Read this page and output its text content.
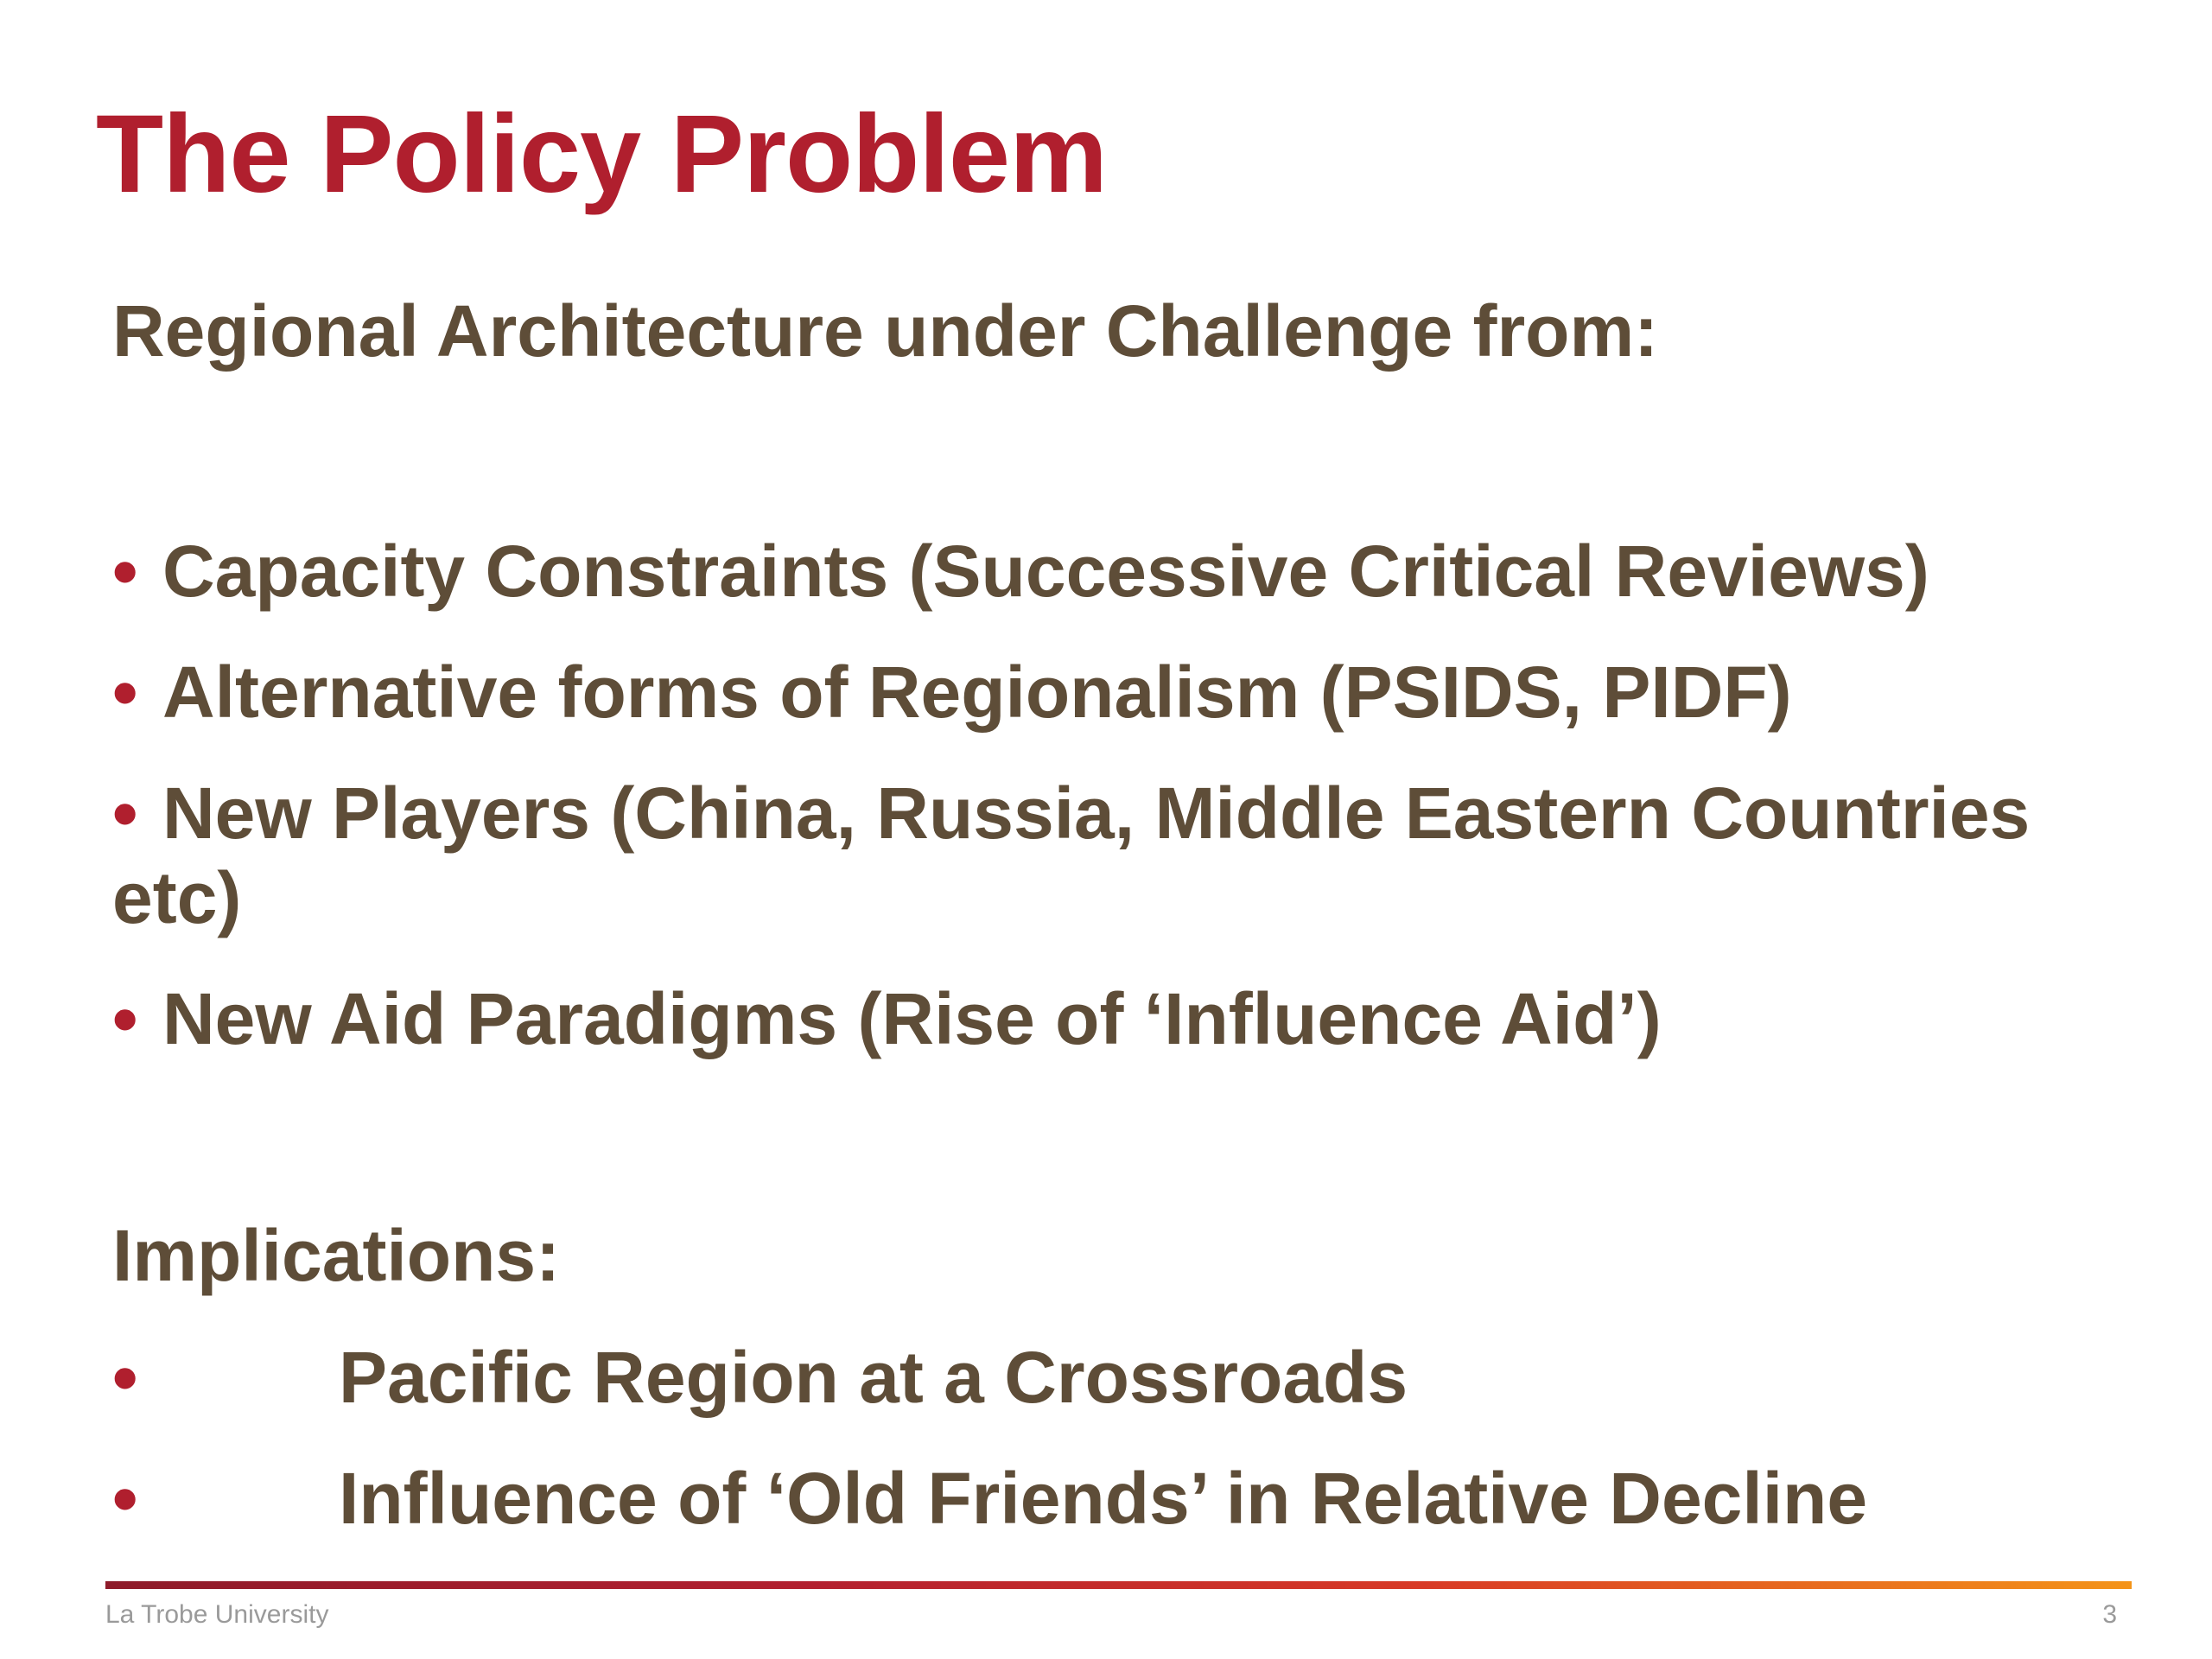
The Policy Problem
Regional Architecture under Challenge from:
• Capacity Constraints (Successive Critical Reviews)
• Alternative forms of Regionalism (PSIDS, PIDF)
• New Players (China, Russia, Middle Eastern Countries etc)
• New Aid Paradigms (Rise of ‘Influence Aid’)
Implications:
•	Pacific Region at a Crossroads
•	Influence of ‘Old Friends’ in Relative Decline
La Trobe University	3
